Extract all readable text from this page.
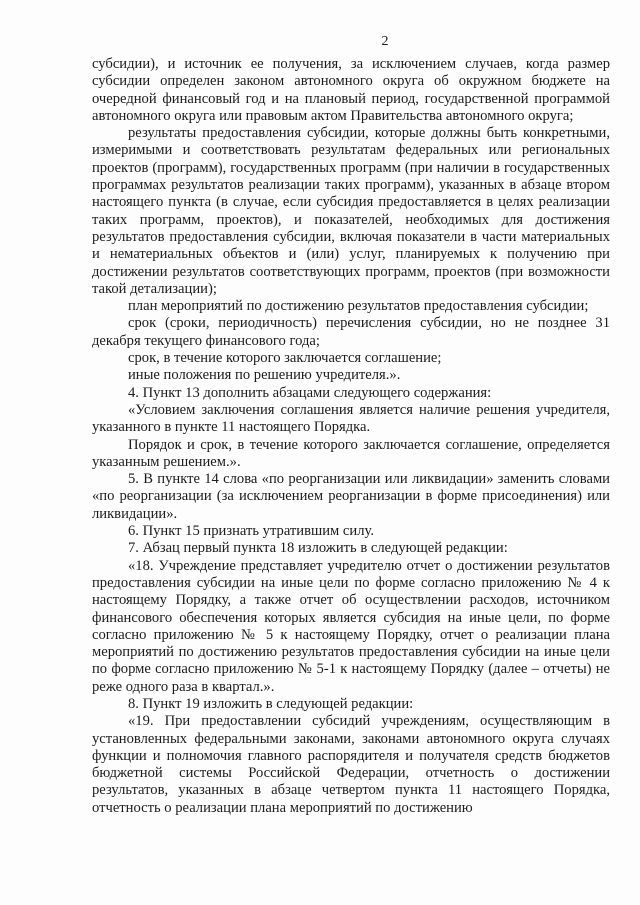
2

субсидии), и источник ее получения, за исключением случаев, когда размер субсидии определен законом автономного округа об окружном бюджете на очередной финансовый год и на плановый период, государственной программой автономного округа или правовым актом Правительства автономного округа;

результаты предоставления субсидии, которые должны быть конкретными, измеримыми и соответствовать результатам федеральных или региональных проектов (программ), государственных программ (при наличии в государственных программах результатов реализации таких программ), указанных в абзаце втором настоящего пункта (в случае, если субсидия предоставляется в целях реализации таких программ, проектов), и показателей, необходимых для достижения результатов предоставления субсидии, включая показатели в части материальных и нематериальных объектов и (или) услуг, планируемых к получению при достижении результатов соответствующих программ, проектов (при возможности такой детализации);

план мероприятий по достижению результатов предоставления субсидии;

срок (сроки, периодичность) перечисления субсидии, но не позднее 31 декабря текущего финансового года;

срок, в течение которого заключается соглашение;

иные положения по решению учредителя.».

4. Пункт 13 дополнить абзацами следующего содержания:

«Условием заключения соглашения является наличие решения учредителя, указанного в пункте 11 настоящего Порядка.

Порядок и срок, в течение которого заключается соглашение, определяется указанным решением.».

5. В пункте 14 слова «по реорганизации или ликвидации» заменить словами «по реорганизации (за исключением реорганизации в форме присоединения) или ликвидации».

6. Пункт 15 признать утратившим силу.

7. Абзац первый пункта 18 изложить в следующей редакции:

«18. Учреждение представляет учредителю отчет о достижении результатов предоставления субсидии на иные цели по форме согласно приложению № 4 к настоящему Порядку, а также отчет об осуществлении расходов, источником финансового обеспечения которых является субсидия на иные цели, по форме согласно приложению № 5 к настоящему Порядку, отчет о реализации плана мероприятий по достижению результатов предоставления субсидии на иные цели по форме согласно приложению № 5-1 к настоящему Порядку (далее – отчеты) не реже одного раза в квартал.».

8. Пункт 19 изложить в следующей редакции:

«19. При предоставлении субсидий учреждениям, осуществляющим в установленных федеральными законами, законами автономного округа случаях функции и полномочия главного распорядителя и получателя средств бюджетов бюджетной системы Российской Федерации, отчетность о достижении результатов, указанных в абзаце четвертом пункта 11 настоящего Порядка, отчетность о реализации плана мероприятий по достижению
